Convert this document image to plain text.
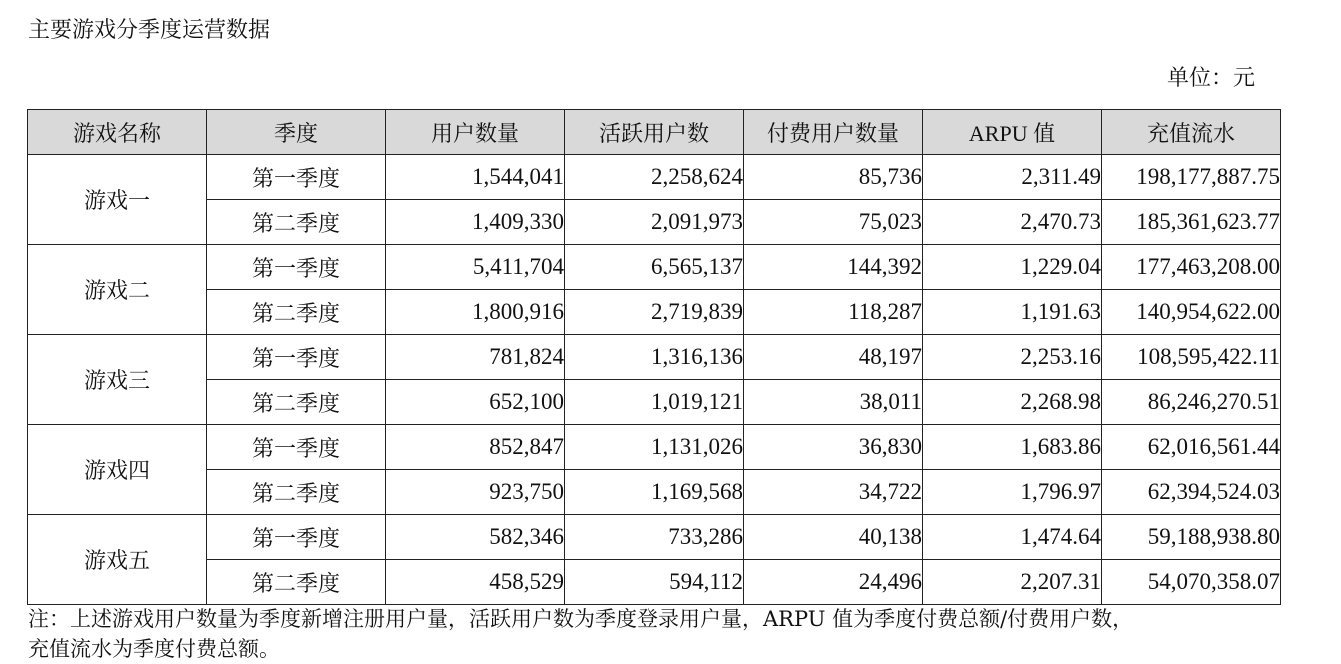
主要游戏分季度运营数据
单位：元
游戏名称	季度	用户数量	活跃用户数	付费用户数量	ARPU 值	充值流水
游戏一	第一季度	1,544,041	2,258,624	85,736	2,311.49	198,177,887.75
	第二季度	1,409,330	2,091,973	75,023	2,470.73	185,361,623.77
游戏二	第一季度	5,411,704	6,565,137	144,392	1,229.04	177,463,208.00
	第二季度	1,800,916	2,719,839	118,287	1,191.63	140,954,622.00
游戏三	第一季度	781,824	1,316,136	48,197	2,253.16	108,595,422.11
	第二季度	652,100	1,019,121	38,011	2,268.98	86,246,270.51
游戏四	第一季度	852,847	1,131,026	36,830	1,683.86	62,016,561.44
	第二季度	923,750	1,169,568	34,722	1,796.97	62,394,524.03
游戏五	第一季度	582,346	733,286	40,138	1,474.64	59,188,938.80
	第二季度	458,529	594,112	24,496	2,207.31	54,070,358.07
注：上述游戏用户数量为季度新增注册用户量，活跃用户数为季度登录用户量，ARPU 值为季度付费总额/付费用户数，
充值流水为季度付费总额。
